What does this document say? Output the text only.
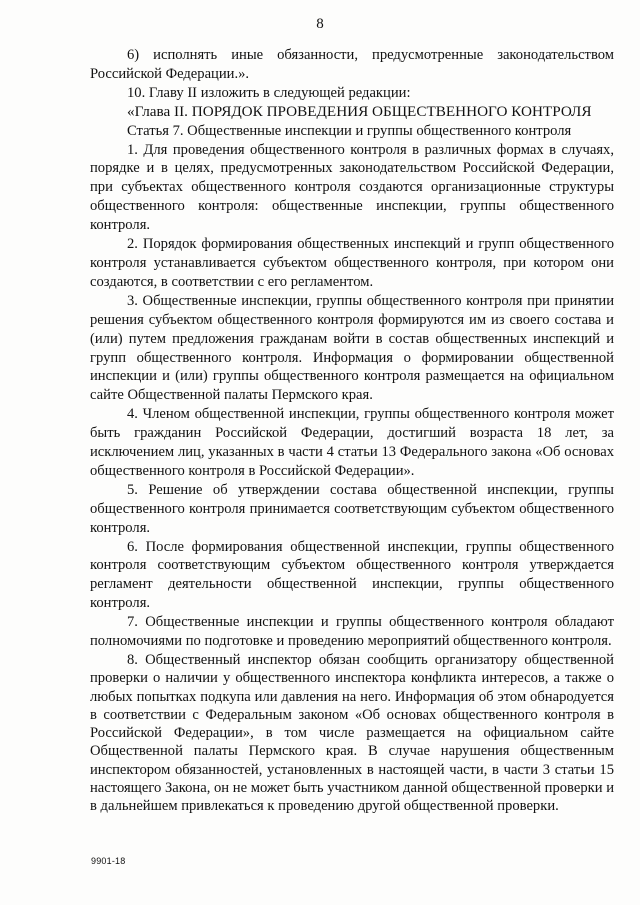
8

6) исполнять иные обязанности, предусмотренные законодательством Российской Федерации.».

10. Главу II изложить в следующей редакции:

«Глава II. ПОРЯДОК ПРОВЕДЕНИЯ ОБЩЕСТВЕННОГО КОНТРОЛЯ

Статья 7. Общественные инспекции и группы общественного контроля

1. Для проведения общественного контроля в различных формах в случаях, порядке и в целях, предусмотренных законодательством Российской Федерации, при субъектах общественного контроля создаются организационные структуры общественного контроля: общественные инспекции, группы общественного контроля.

2. Порядок формирования общественных инспекций и групп общественного контроля устанавливается субъектом общественного контроля, при котором они создаются, в соответствии с его регламентом.

3. Общественные инспекции, группы общественного контроля при принятии решения субъектом общественного контроля формируются им из своего состава и (или) путем предложения гражданам войти в состав общественных инспекций и групп общественного контроля. Информация о формировании общественной инспекции и (или) группы общественного контроля размещается на официальном сайте Общественной палаты Пермского края.

4. Членом общественной инспекции, группы общественного контроля может быть гражданин Российской Федерации, достигший возраста 18 лет, за исключением лиц, указанных в части 4 статьи 13 Федерального закона «Об основах общественного контроля в Российской Федерации».

5. Решение об утверждении состава общественной инспекции, группы общественного контроля принимается соответствующим субъектом общественного контроля.

6. После формирования общественной инспекции, группы общественного контроля соответствующим субъектом общественного контроля утверждается регламент деятельности общественной инспекции, группы общественного контроля.

7. Общественные инспекции и группы общественного контроля обладают полномочиями по подготовке и проведению мероприятий общественного контроля.

8. Общественный инспектор обязан сообщить организатору общественной проверки о наличии у общественного инспектора конфликта интересов, а также о любых попытках подкупа или давления на него. Информация об этом обнародуется в соответствии с Федеральным законом «Об основах общественного контроля в Российской Федерации», в том числе размещается на официальном сайте Общественной палаты Пермского края. В случае нарушения общественным инспектором обязанностей, установленных в настоящей части, в части 3 статьи 15 настоящего Закона, он не может быть участником данной общественной проверки и в дальнейшем привлекаться к проведению другой общественной проверки.

9901-18
